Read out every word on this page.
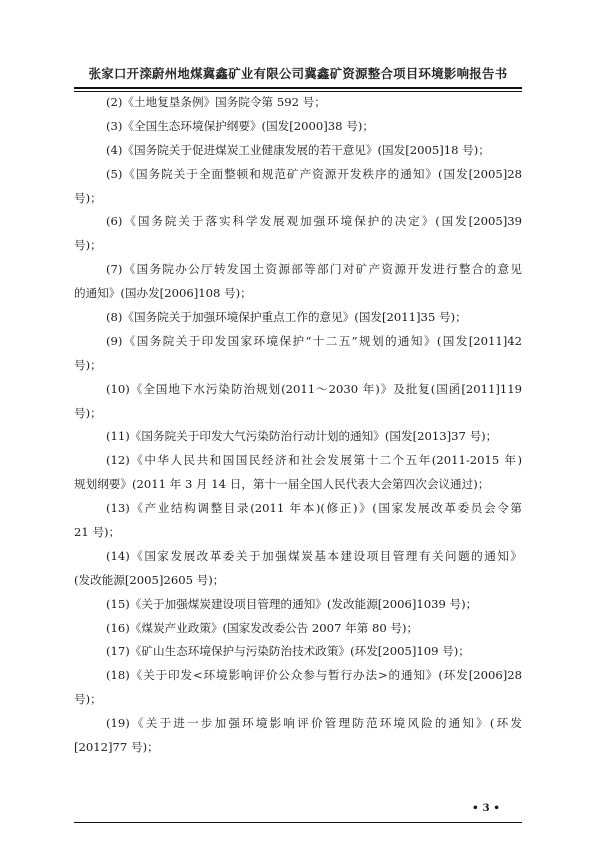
张家口开滦蔚州地煤冀鑫矿业有限公司冀鑫矿资源整合项目环境影响报告书
(2)《土地复垦条例》国务院令第 592 号；
(3)《全国生态环境保护纲要》(国发[2000]38 号)；
(4)《国务院关于促进煤炭工业健康发展的若干意见》(国发[2005]18 号)；
(5)《国务院关于全面整顿和规范矿产资源开发秩序的通知》(国发[2005]28
号)；
(6)《国务院关于落实科学发展观加强环境保护的决定》(国发[2005]39
号)；
(7)《国务院办公厅转发国土资源部等部门对矿产资源开发进行整合的意见
的通知》(国办发[2006]108 号)；
(8)《国务院关于加强环境保护重点工作的意见》(国发[2011]35 号)；
(9)《国务院关于印发国家环境保护“十二五”规划的通知》(国发[2011]42
号)；
(10)《全国地下水污染防治规划(2011～2030 年)》及批复(国函[2011]119
号)；
(11)《国务院关于印发大气污染防治行动计划的通知》(国发[2013]37 号)；
(12)《中华人民共和国国民经济和社会发展第十二个五年(2011-2015 年)
规划纲要》(2011 年 3 月 14 日，第十一届全国人民代表大会第四次会议通过)；
(13)《产业结构调整目录(2011 年本)(修正)》(国家发展改革委员会令第
21 号)；
(14)《国家发展改革委关于加强煤炭基本建设项目管理有关问题的通知》
(发改能源[2005]2605 号)；
(15)《关于加强煤炭建设项目管理的通知》(发改能源[2006]1039 号)；
(16)《煤炭产业政策》(国家发改委公告 2007 年第 80 号)；
(17)《矿山生态环境保护与污染防治技术政策》(环发[2005]109 号)；
(18)《关于印发<环境影响评价公众参与暂行办法>的通知》(环发[2006]28
号)；
(19)《关于进一步加强环境影响评价管理防范环境风险的通知》(环发
[2012]77 号)；
• 3 •
